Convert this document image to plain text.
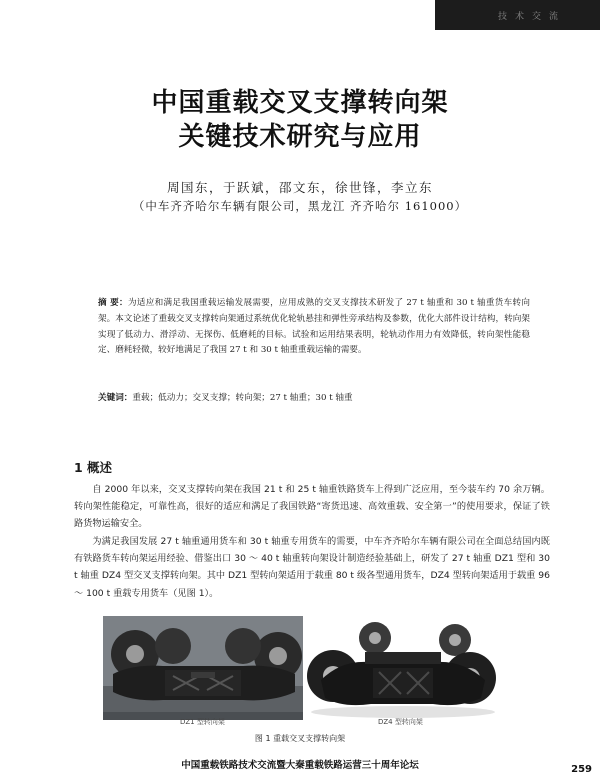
技术交流
中国重载交叉支撑转向架
关键技术研究与应用
周国东，于跃斌，邵文东，徐世锋，李立东
（中车齐齐哈尔车辆有限公司，黑龙江 齐齐哈尔 161000）
摘 要：为适应和满足我国重载运输发展需要，应用成熟的交叉支撑技术研发了 27 t 轴重和 30 t 轴重货车转向架。本文论述了重载交叉支撑转向架通过系统优化轮轨悬挂和弹性旁承结构及参数，优化大部件设计结构，转向架实现了低动力、滑浮动、无探伤、低磨耗的目标。试验和运用结果表明，轮轨动作用力有效降低，转向架性能稳定、磨耗轻微，较好地满足了我国 27 t 和 30 t 轴重重载运输的需要。
关键词：重载；低动力；交叉支撑；转向架；27 t 轴重；30 t 轴重
1 概述
自 2000 年以来，交叉支撑转向架在我国 21 t 和 25 t 轴重铁路货车上得到广泛应用，至今装车约 70 余万辆。转向架性能稳定，可靠性高，很好的适应和满足了我国铁路“寄货迅速、高效重载、安全第一”的使用要求，保证了铁路货物运输安全。
为满足我国发展 27 t 轴重通用货车和 30 t 轴重专用货车的需要，中车齐齐哈尔车辆有限公司在全面总结国内既有铁路货车转向架运用经验、借鉴出口 30 ～ 40 t 轴重转向架设计制造经验基础上，研发了 27 t 轴重 DZ1 型和 30 t 轴重 DZ4 型交叉支撑转向架。其中 DZ1 型转向架适用于载重 80 t 级各型通用货车，DZ4 型转向架适用于载重 96 ～ 100 t 重载专用货车（见图 1）。
DZ1 型转向架	DZ4 型转向架
图 1 重载交叉支撑转向架
中国重载铁路技术交流暨大秦重载铁路运营三十周年论坛	259
